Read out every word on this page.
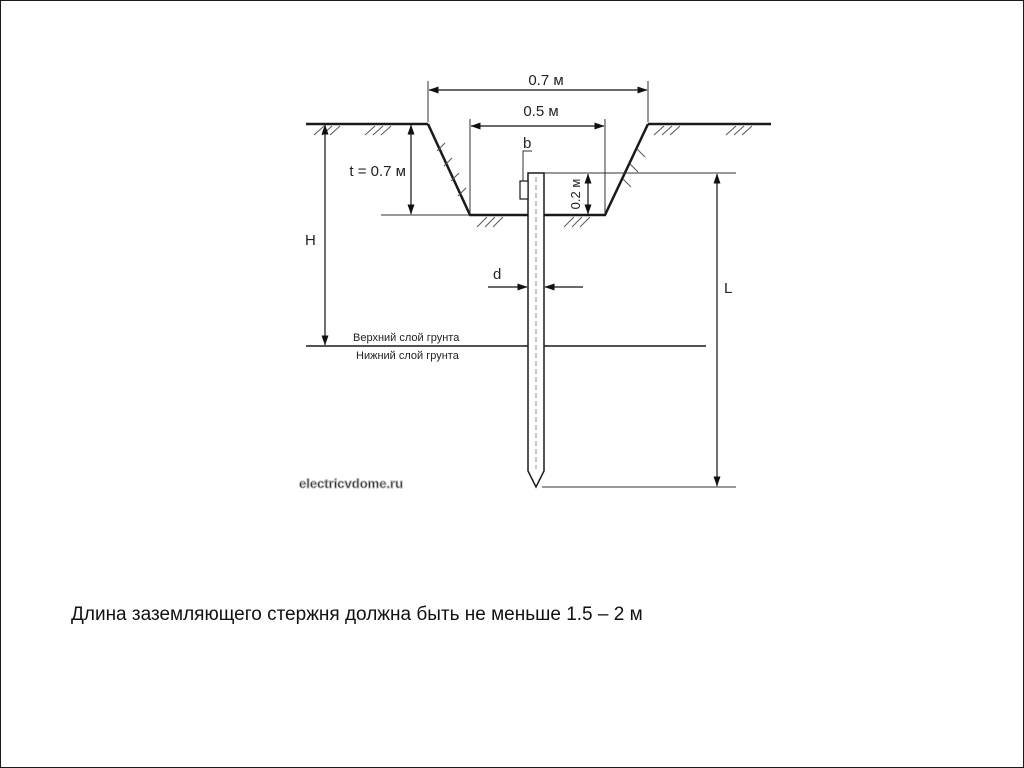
0.7 м
0.5 м
b
t = 0.7 м
H
0.2 м
d
L
Верхний слой грунта
Нижний слой грунта
electricvdome.ru
Длина заземляющего стержня должна быть не меньше 1.5 – 2 м
